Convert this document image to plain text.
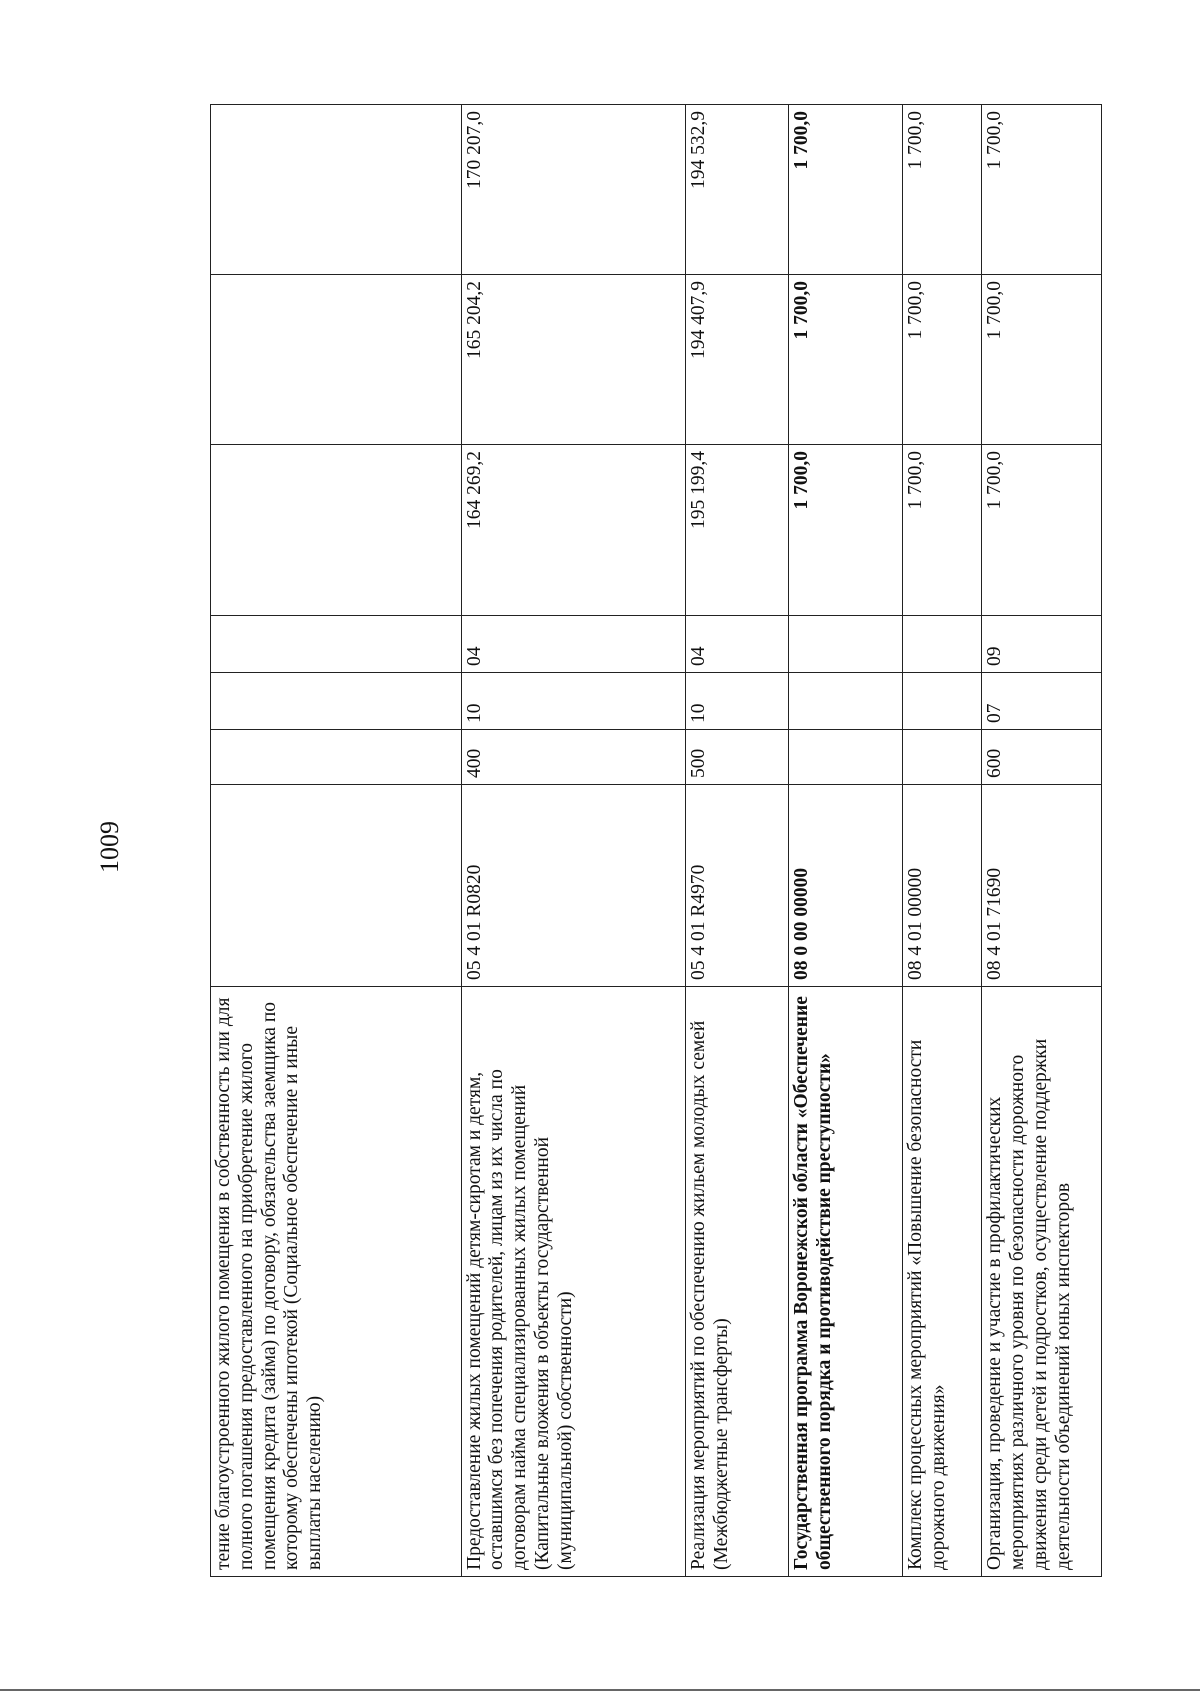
1009
тение благоустроенного жилого помещения в собственность или для полного погашения предоставленного на приобретение жилого помещения кредита (займа) по договору, обязательства заемщика по которому обеспечены ипотекой (Социальное обеспечение и иные выплаты населению)							
Предоставление жилых помещений детям-сиротам и детям, оставшимся без попечения родителей, лицам из их числа по договорам найма специализированных жилых помещений (Капитальные вложения в объекты государственной (муниципальной) собственности)	05 4 01 R0820	400	10	04	164 269,2	165 204,2	170 207,0
Реализация мероприятий по обеспечению жильем молодых семей (Межбюджетные трансферты)	05 4 01 R4970	500	10	04	195 199,4	194 407,9	194 532,9
Государственная программа Воронежской области «Обеспечение общественного порядка и противодействие преступности»	08 0 00 00000				1 700,0	1 700,0	1 700,0
Комплекс процессных мероприятий «Повышение безопасности дорожного движения»	08 4 01 00000				1 700,0	1 700,0	1 700,0
Организация, проведение и участие в профилактических мероприятиях различного уровня по безопасности дорожного движения среди детей и подростков, осуществление поддержки деятельности объединений юных инспекторов	08 4 01 71690	600	07	09	1 700,0	1 700,0	1 700,0
